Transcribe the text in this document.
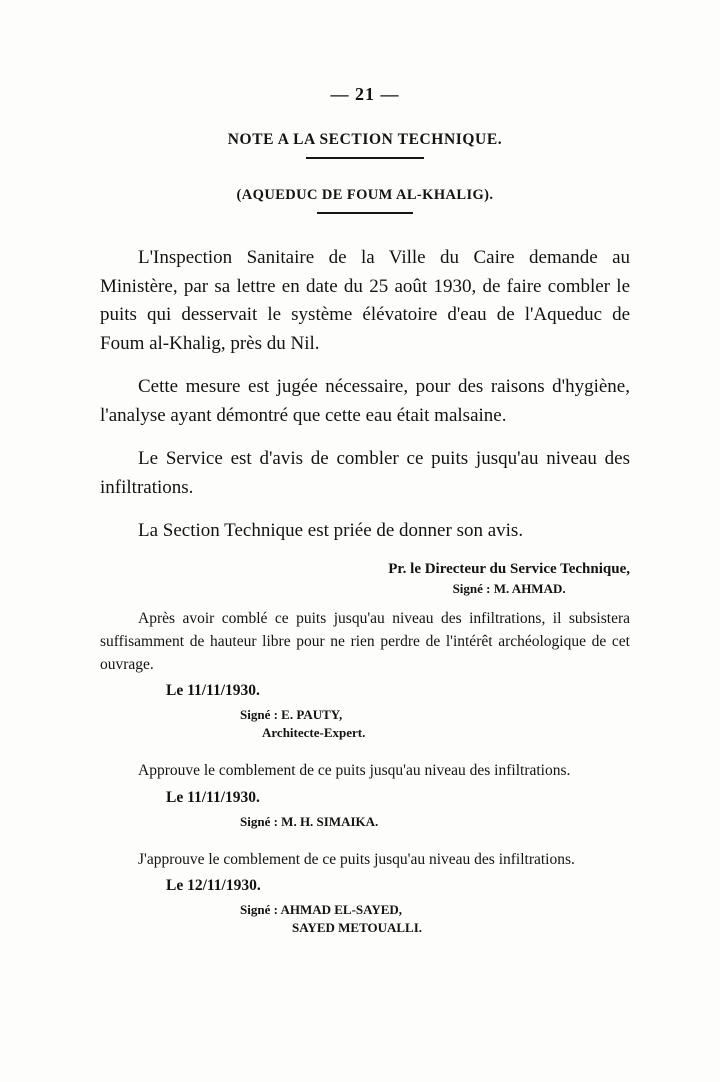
— 21 —
NOTE A LA SECTION TECHNIQUE.
(AQUEDUC DE FOUM AL-KHALIG).

L'Inspection Sanitaire de la Ville du Caire demande au Ministère, par sa lettre en date du 25 août 1930, de faire combler le puits qui desservait le système élévatoire d'eau de l'Aqueduc de Foum al-Khalig, près du Nil.

Cette mesure est jugée nécessaire, pour des raisons d'hygiène, l'analyse ayant démontré que cette eau était malsaine.

Le Service est d'avis de combler ce puits jusqu'au niveau des infiltrations.

La Section Technique est priée de donner son avis.

Pr. le Directeur du Service Technique,
Signé : M. AHMAD.

Après avoir comblé ce puits jusqu'au niveau des infiltrations, il subsistera suffisamment de hauteur libre pour ne rien perdre de l'intérêt archéologique de cet ouvrage.

Le 11/11/1930.
Signé : E. PAUTY,
Architecte-Expert.

Approuve le comblement de ce puits jusqu'au niveau des infiltrations.

Le 11/11/1930.
Signé : M. H. SIMAIKA.

J'approuve le comblement de ce puits jusqu'au niveau des infiltrations.

Le 12/11/1930.
Signé : AHMAD EL-SAYED,
SAYED METOUALLI.
